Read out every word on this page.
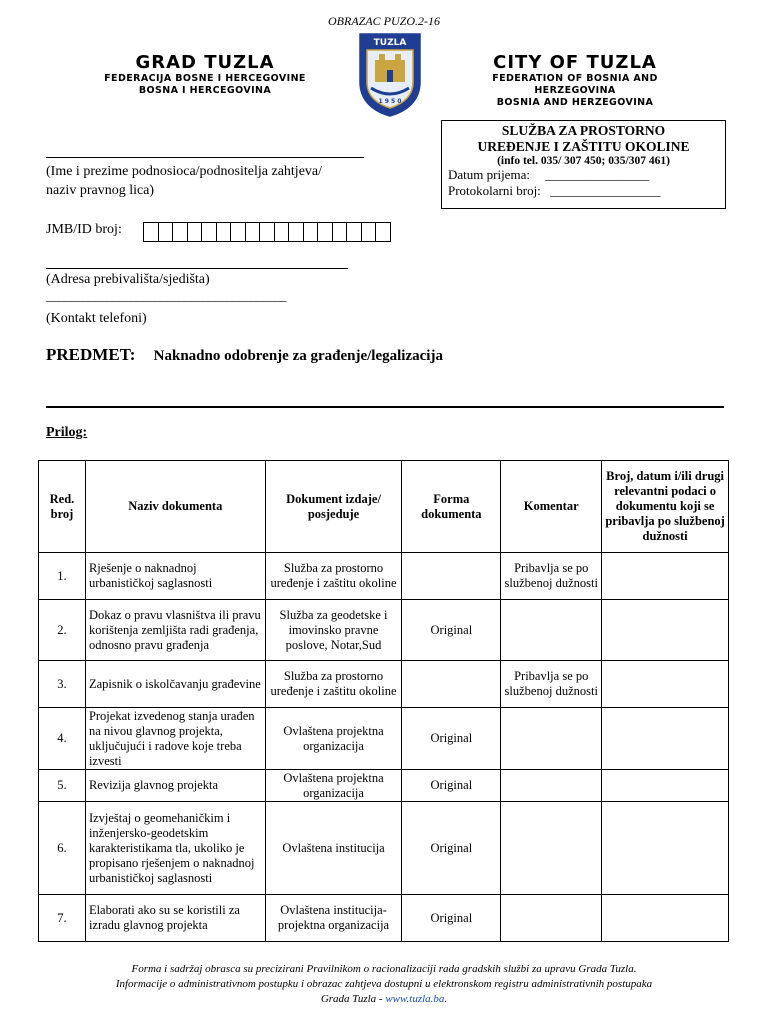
OBRAZAC PUZO.2-16
GRAD TUZLA
FEDERACIJA BOSNE I HERCEGOVINE
BOSNA I HERCEGOVINA
TUZLA
1 9 5 0
CITY OF TUZLA
FEDERATION OF BOSNIA AND HERZEGOVINA
BOSNIA AND HERZEGOVINA
SLUŽBA ZA PROSTORNO
UREĐENJE I ZAŠTITU OKOLINE
(info tel. 035/ 307 450; 035/307 461)
Datum prijema: ________________
Protokolarni broj: _________________
(Ime i prezime podnosioca/podnositelja zahtjeva/
naziv pravnog lica)
JMB/ID broj:
(Adresa prebivališta/sjedišta)
________________________________________
(Kontakt telefoni)
PREDMET: Naknadno odobrenje za građenje/legalizacija
Prilog:
Red. broj	Naziv dokumenta	Dokument izdaje/ posjeduje	Forma dokumenta	Komentar	Broj, datum i/ili drugi relevantni podaci o dokumentu koji se pribavlja po službenoj dužnosti
1.	Rješenje o naknadnoj urbanističkoj saglasnosti	Služba za prostorno uređenje i zaštitu okoline		Pribavlja se po službenoj dužnosti	
2.	Dokaz o pravu vlasništva ili pravu korištenja zemljišta radi građenja, odnosno pravu građenja	Služba za geodetske i imovinsko pravne poslove, Notar,Sud	Original		
3.	Zapisnik o iskolčavanju građevine	Služba za prostorno uređenje i zaštitu okoline		Pribavlja se po službenoj dužnosti	
4.	Projekat izvedenog stanja urađen na nivou glavnog projekta, uključujući i radove koje treba izvesti	Ovlaštena projektna organizacija	Original		
5.	Revizija glavnog projekta	Ovlaštena projektna organizacija	Original		
6.	Izvještaj o geomehaničkim i inženjersko-geodetskim karakteristikama tla, ukoliko je propisano rješenjem o naknadnoj urbanističkoj saglasnosti	Ovlaštena institucija	Original		
7.	Elaborati ako su se koristili za izradu glavnog projekta	Ovlaštena institucija-projektna organizacija	Original		
Forma i sadržaj obrasca su precizirani Pravilnikom o racionalizaciji rada gradskih službi za upravu Grada Tuzla.
Informacije o administrativnom postupku i obrazac zahtjeva dostupni u elektronskom registru administrativnih postupaka
Grada Tuzla - www.tuzla.ba.
